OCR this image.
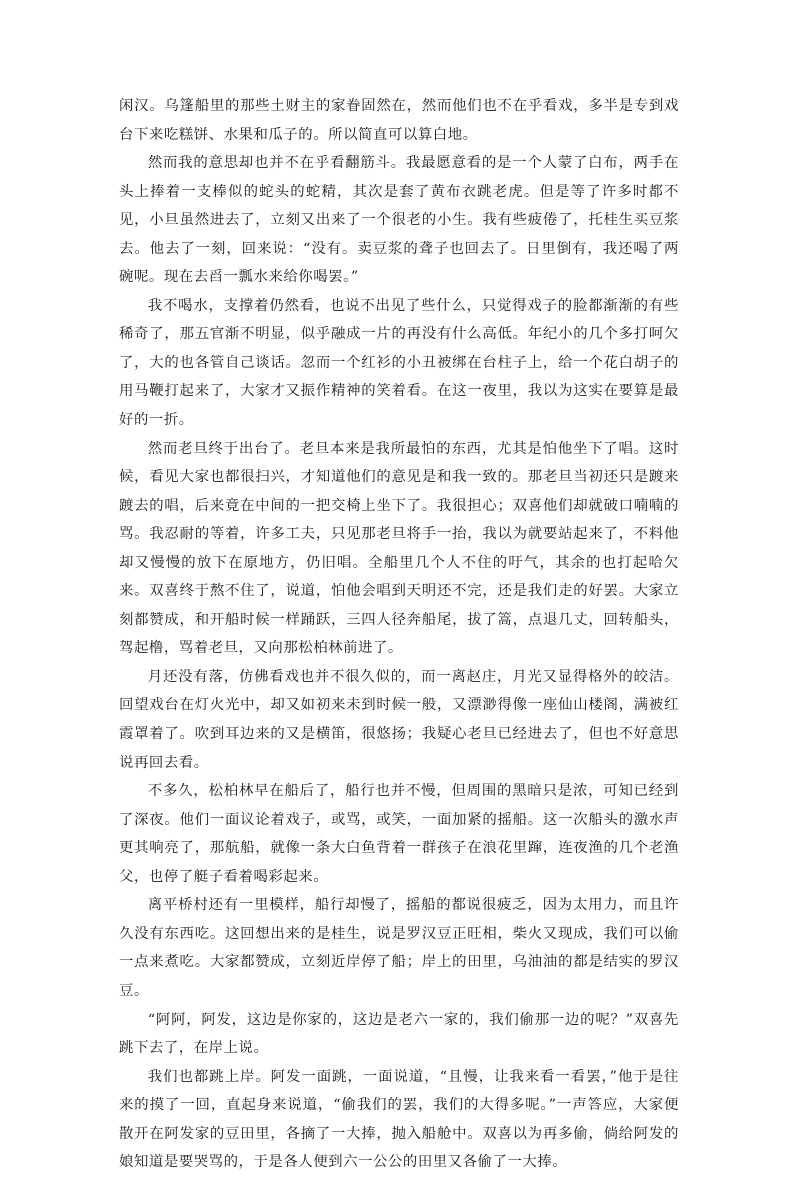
闲汉。乌篷船里的那些土财主的家眷固然在，然而他们也不在乎看戏，多半是专到戏台下来吃糕饼、水果和瓜子的。所以简直可以算白地。

然而我的意思却也并不在乎看翻筋斗。我最愿意看的是一个人蒙了白布，两手在头上捧着一支棒似的蛇头的蛇精，其次是套了黄布衣跳老虎。但是等了许多时都不见，小旦虽然进去了，立刻又出来了一个很老的小生。我有些疲倦了，托桂生买豆浆去。他去了一刻，回来说：“没有。卖豆浆的聋子也回去了。日里倒有，我还喝了两碗呢。现在去舀一瓢水来给你喝罢。”

我不喝水，支撑着仍然看，也说不出见了些什么，只觉得戏子的脸都渐渐的有些稀奇了，那五官渐不明显，似乎融成一片的再没有什么高低。年纪小的几个多打呵欠了，大的也各管自己谈话。忽而一个红衫的小丑被绑在台柱子上，给一个花白胡子的用马鞭打起来了，大家才又振作精神的笑着看。在这一夜里，我以为这实在要算是最好的一折。

然而老旦终于出台了。老旦本来是我所最怕的东西，尤其是怕他坐下了唱。这时候，看见大家也都很扫兴，才知道他们的意见是和我一致的。那老旦当初还只是踱来踱去的唱，后来竟在中间的一把交椅上坐下了。我很担心；双喜他们却就破口喃喃的骂。我忍耐的等着，许多工夫，只见那老旦将手一抬，我以为就要站起来了，不料他却又慢慢的放下在原地方，仍旧唱。全船里几个人不住的吁气，其余的也打起哈欠来。双喜终于熬不住了，说道，怕他会唱到天明还不完，还是我们走的好罢。大家立刻都赞成，和开船时候一样踊跃，三四人径奔船尾，拔了篙，点退几丈，回转船头，驾起橹，骂着老旦，又向那松柏林前进了。

月还没有落，仿佛看戏也并不很久似的，而一离赵庄，月光又显得格外的皎洁。回望戏台在灯火光中，却又如初来未到时候一般，又漂渺得像一座仙山楼阁，满被红霞罩着了。吹到耳边来的又是横笛，很悠扬；我疑心老旦已经进去了，但也不好意思说再回去看。

不多久，松柏林早在船后了，船行也并不慢，但周围的黑暗只是浓，可知已经到了深夜。他们一面议论着戏子，或骂，或笑，一面加紧的摇船。这一次船头的激水声更其响亮了，那航船，就像一条大白鱼背着一群孩子在浪花里蹿，连夜渔的几个老渔父，也停了艇子看着喝彩起来。

离平桥村还有一里模样，船行却慢了，摇船的都说很疲乏，因为太用力，而且许久没有东西吃。这回想出来的是桂生，说是罗汉豆正旺相，柴火又现成，我们可以偷一点来煮吃。大家都赞成，立刻近岸停了船；岸上的田里，乌油油的都是结实的罗汉豆。

“阿阿，阿发，这边是你家的，这边是老六一家的，我们偷那一边的呢？”双喜先跳下去了，在岸上说。

我们也都跳上岸。阿发一面跳，一面说道，“且慢，让我来看一看罢，”他于是往来的摸了一回，直起身来说道，“偷我们的罢，我们的大得多呢。”一声答应，大家便散开在阿发家的豆田里，各摘了一大捧，抛入船舱中。双喜以为再多偷，倘给阿发的娘知道是要哭骂的，于是各人便到六一公公的田里又各偷了一大捧。
